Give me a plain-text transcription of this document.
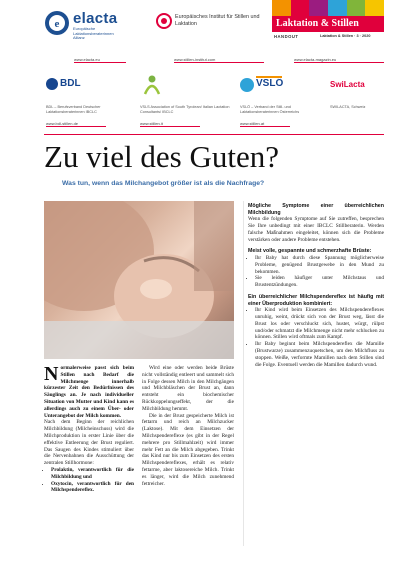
e elacta
Europäische Laktationsberaterinnen Allianz
www.elacta.eu
Europäisches Institut für Stillen und Laktation
www.stillen-institut.com
Laktation & Stillen
HANDOUT	Laktation & Stillen · 3 · 2020
www.elacta-magazin.eu
BDL
BDL – Berufsverband Deutscher Laktationsberaterinnen IBCLC
www.bdl-stillen.de
VSLS Association of South Tyrolean/ Italian Lactation Consultants/ IBCLC
www.stillen.it
VSLÖ
VSLÖ – Verband der Still- und Laktationsberaterinnen Österreichs
www.stillen.at
SwiLacta
SWILACTA, Schweiz
Zu viel des Guten?
Was tun, wenn das Milchangebot größer ist als die Nachfrage?
N ormalerweise passt sich beim Stillen nach Bedarf die Milchmenge innerhalb kürzester Zeit den Bedürfnissen des Säuglings an. Je nach individueller Situation von Mutter und Kind kann es allerdings auch zu einem Über- oder Unterangebot der Milch kommen.
Nach dem Beginn der reichlichen Milchbildung (Milcheinschuss) wird die Milchproduktion in erster Linie über die effektive Entleerung der Brust reguliert. Das Saugen des Kindes stimuliert über die Nervenbahnen die Ausschüttung der zentralen Stillhormone:
• Prolaktin, verantwortlich für die Milchbildung und
• Oxytocin, verantwortlich für den Milchspendereflex.
Wird eine oder werden beide Brüste nicht vollständig entleert und sammelt sich in Folge dessen Milch in den Milchgängen und Milchbläschen der Brust an, dann entsteht ein biochemischer Rückkoppelungseffekt, der die Milchbildung hemmt.
Die in der Brust gespeicherte Milch ist fettarm und reich an Milchzucker (Laktose). Mit dem Einsetzen der Milchspendereflexe (es gibt in der Regel mehrere pro Stillmahlzeit) wird immer mehr Fett an die Milch abgegeben. Trinkt das Kind nur bis zum Einsetzen des ersten Milchspendereflexes, erhält es relativ fettarme, aber laktosereiche Milch. Trinkt es länger, wird die Milch zunehmend fettreicher.
Mögliche Symptome einer überreichlichen Milchbildung
Wenn die folgenden Symptome auf Sie zutreffen, besprechen Sie Ihre unbedingt mit einer IBCLC Stillberaterin. Werden falsche Maßnahmen eingeleitet, können sich die Probleme verstärken oder andere Probleme entstehen.
Meist volle, gespannte und schmerzhafte Brüste:
• Ihr Baby hat durch diese Spannung möglicherweise Probleme, genügend Brustgewebe in den Mund zu bekommen.
• Sie leiden häufiger unter Milchstaus und Brustentzündungen.
Ein überreichlicher Milchspendereflex ist häufig mit einer Überproduktion kombiniert:
• Ihr Kind wird beim Einsetzen des Milchspendereflexes unruhig, weint, drückt sich von der Brust weg, lässt die Brust los oder verschluckt sich, hustet, würgt, rülpst und/oder schmatzt die Milchmenge nicht mehr schlucken zu können. Stillen wird oftmals zum Kampf.
• Ihr Baby beginnt beim Milchspendereflex die Mamille (Brustwarze) zusammenzuquetschen, um den Milchfluss zu stoppen. Weiße, verformte Mamillen nach dem Stillen sind die Folge. Eventuell werden die Mamillen dadurch wund.
